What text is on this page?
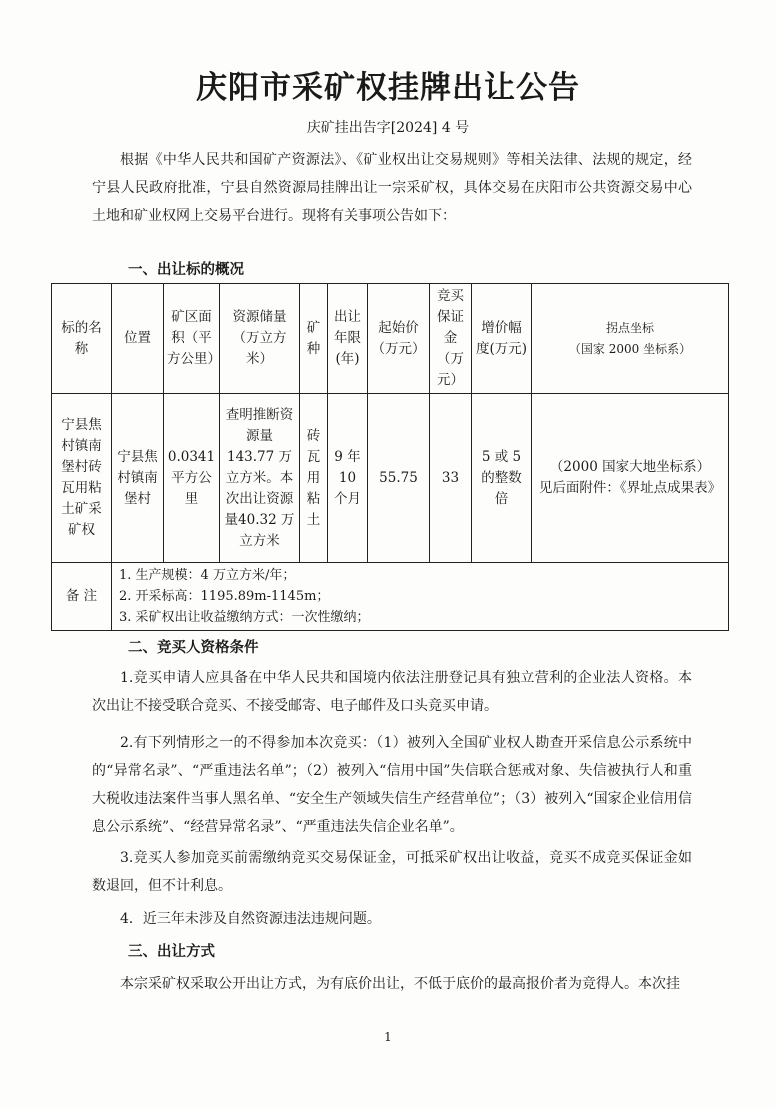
庆阳市采矿权挂牌出让公告

庆矿挂出告字[2024] 4 号

根据《中华人民共和国矿产资源法》、《矿业权出让交易规则》等相关法律、法规的规定，经宁县人民政府批准，宁县自然资源局挂牌出让一宗采矿权，具体交易在庆阳市公共资源交易中心土地和矿业权网上交易平台进行。现将有关事项公告如下：

一、出让标的概况

标的名称	位置	矿区面积（平方公里）	资源储量（万立方米）	矿种	出让年限(年)	起始价（万元）	竞买保证金（万元）	增价幅度(万元)	拐点坐标
（国家 2000 坐标系）
宁县焦村镇南堡村砖瓦用粘土矿采矿权	宁县焦村镇南堡村	0.0341平方公里	查明推断资源量143.77 万立方米。本次出让资源量40.32 万立方米	砖瓦用粘土	9 年10 个月	55.75	33	5 或 5 的整数倍	（2000 国家大地坐标系）
见后面附件：《界址点成果表》
备 注	1. 生产规模：4 万立方米/年；
2. 开采标高：1195.89m-1145m；
3. 采矿权出让收益缴纳方式：一次性缴纳；								

二、竞买人资格条件

1.竞买申请人应具备在中华人民共和国境内依法注册登记具有独立营利的企业法人资格。本次出让不接受联合竞买、不接受邮寄、电子邮件及口头竞买申请。

2.有下列情形之一的不得参加本次竞买：（1）被列入全国矿业权人勘查开采信息公示系统中的“异常名录”、“严重违法名单”；（2）被列入“信用中国”失信联合惩戒对象、失信被执行人和重大税收违法案件当事人黑名单、“安全生产领域失信生产经营单位”；（3）被列入“国家企业信用信息公示系统”、“经营异常名录”、“严重违法失信企业名单”。

3.竞买人参加竞买前需缴纳竞买交易保证金，可抵采矿权出让收益，竞买不成竞买保证金如数退回，但不计利息。

4．近三年未涉及自然资源违法违规问题。

三、出让方式

本宗采矿权采取公开出让方式，为有底价出让，不低于底价的最高报价者为竞得人。本次挂

1
